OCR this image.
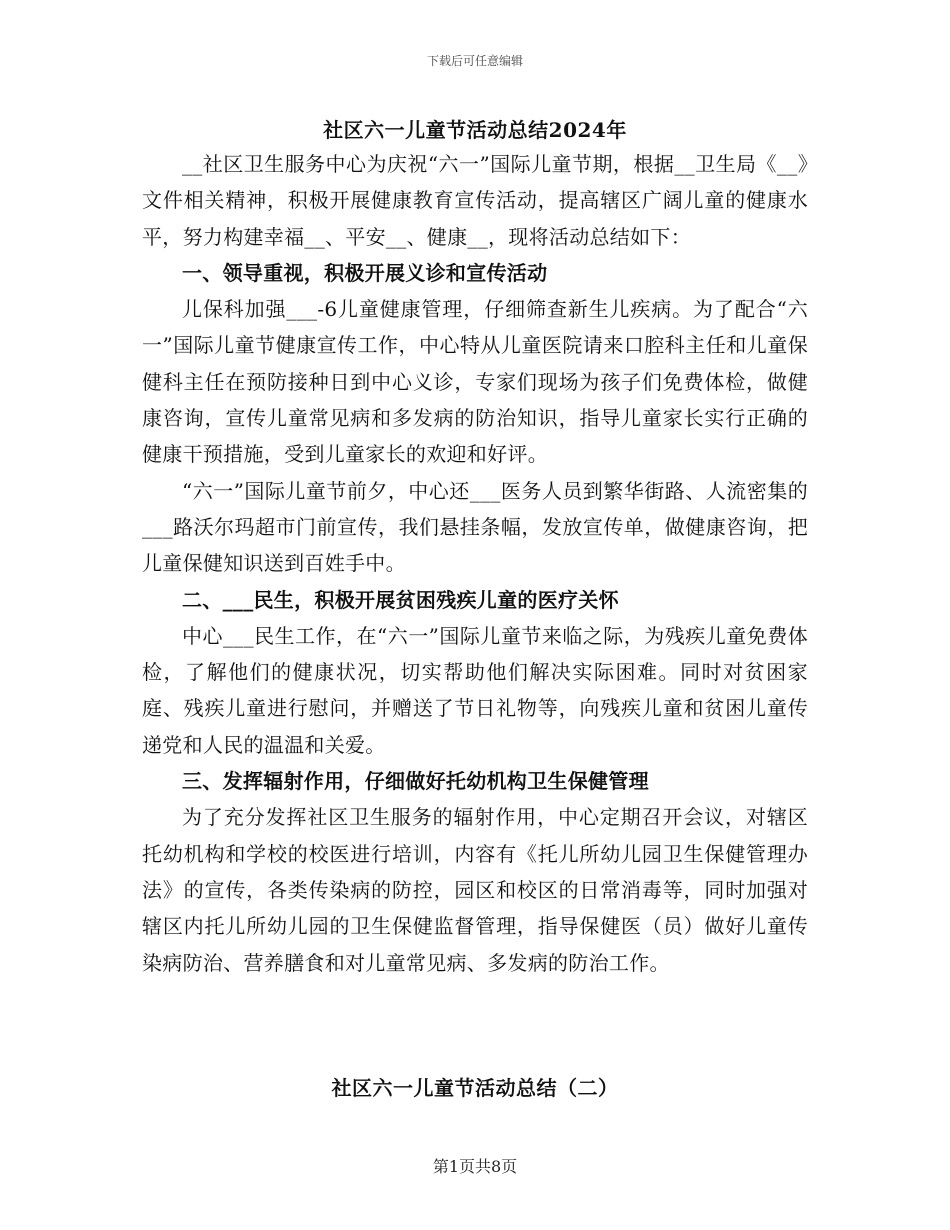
下载后可任意编辑
社区六一儿童节活动总结2024年

__社区卫生服务中心为庆祝“六一”国际儿童节期，根据__卫生局《__》文件相关精神，积极开展健康教育宣传活动，提高辖区广阔儿童的健康水平，努力构建幸福__、平安__、健康__，现将活动总结如下：

一、领导重视，积极开展义诊和宣传活动

儿保科加强___-6儿童健康管理，仔细筛查新生儿疾病。为了配合“六一”国际儿童节健康宣传工作，中心特从儿童医院请来口腔科主任和儿童保健科主任在预防接种日到中心义诊，专家们现场为孩子们免费体检，做健康咨询，宣传儿童常见病和多发病的防治知识，指导儿童家长实行正确的健康干预措施，受到儿童家长的欢迎和好评。

“六一”国际儿童节前夕，中心还___医务人员到繁华街路、人流密集的___路沃尔玛超市门前宣传，我们悬挂条幅，发放宣传单，做健康咨询，把儿童保健知识送到百姓手中。

二、___民生，积极开展贫困残疾儿童的医疗关怀

中心___民生工作，在“六一”国际儿童节来临之际，为残疾儿童免费体检，了解他们的健康状况，切实帮助他们解决实际困难。同时对贫困家庭、残疾儿童进行慰问，并赠送了节日礼物等，向残疾儿童和贫困儿童传递党和人民的温温和关爱。

三、发挥辐射作用，仔细做好托幼机构卫生保健管理

为了充分发挥社区卫生服务的辐射作用，中心定期召开会议，对辖区托幼机构和学校的校医进行培训，内容有《托儿所幼儿园卫生保健管理办法》的宣传，各类传染病的防控，园区和校区的日常消毒等，同时加强对辖区内托儿所幼儿园的卫生保健监督管理，指导保健医（员）做好儿童传染病防治、营养膳食和对儿童常见病、多发病的防治工作。

社区六一儿童节活动总结（二）
第1页共8页
